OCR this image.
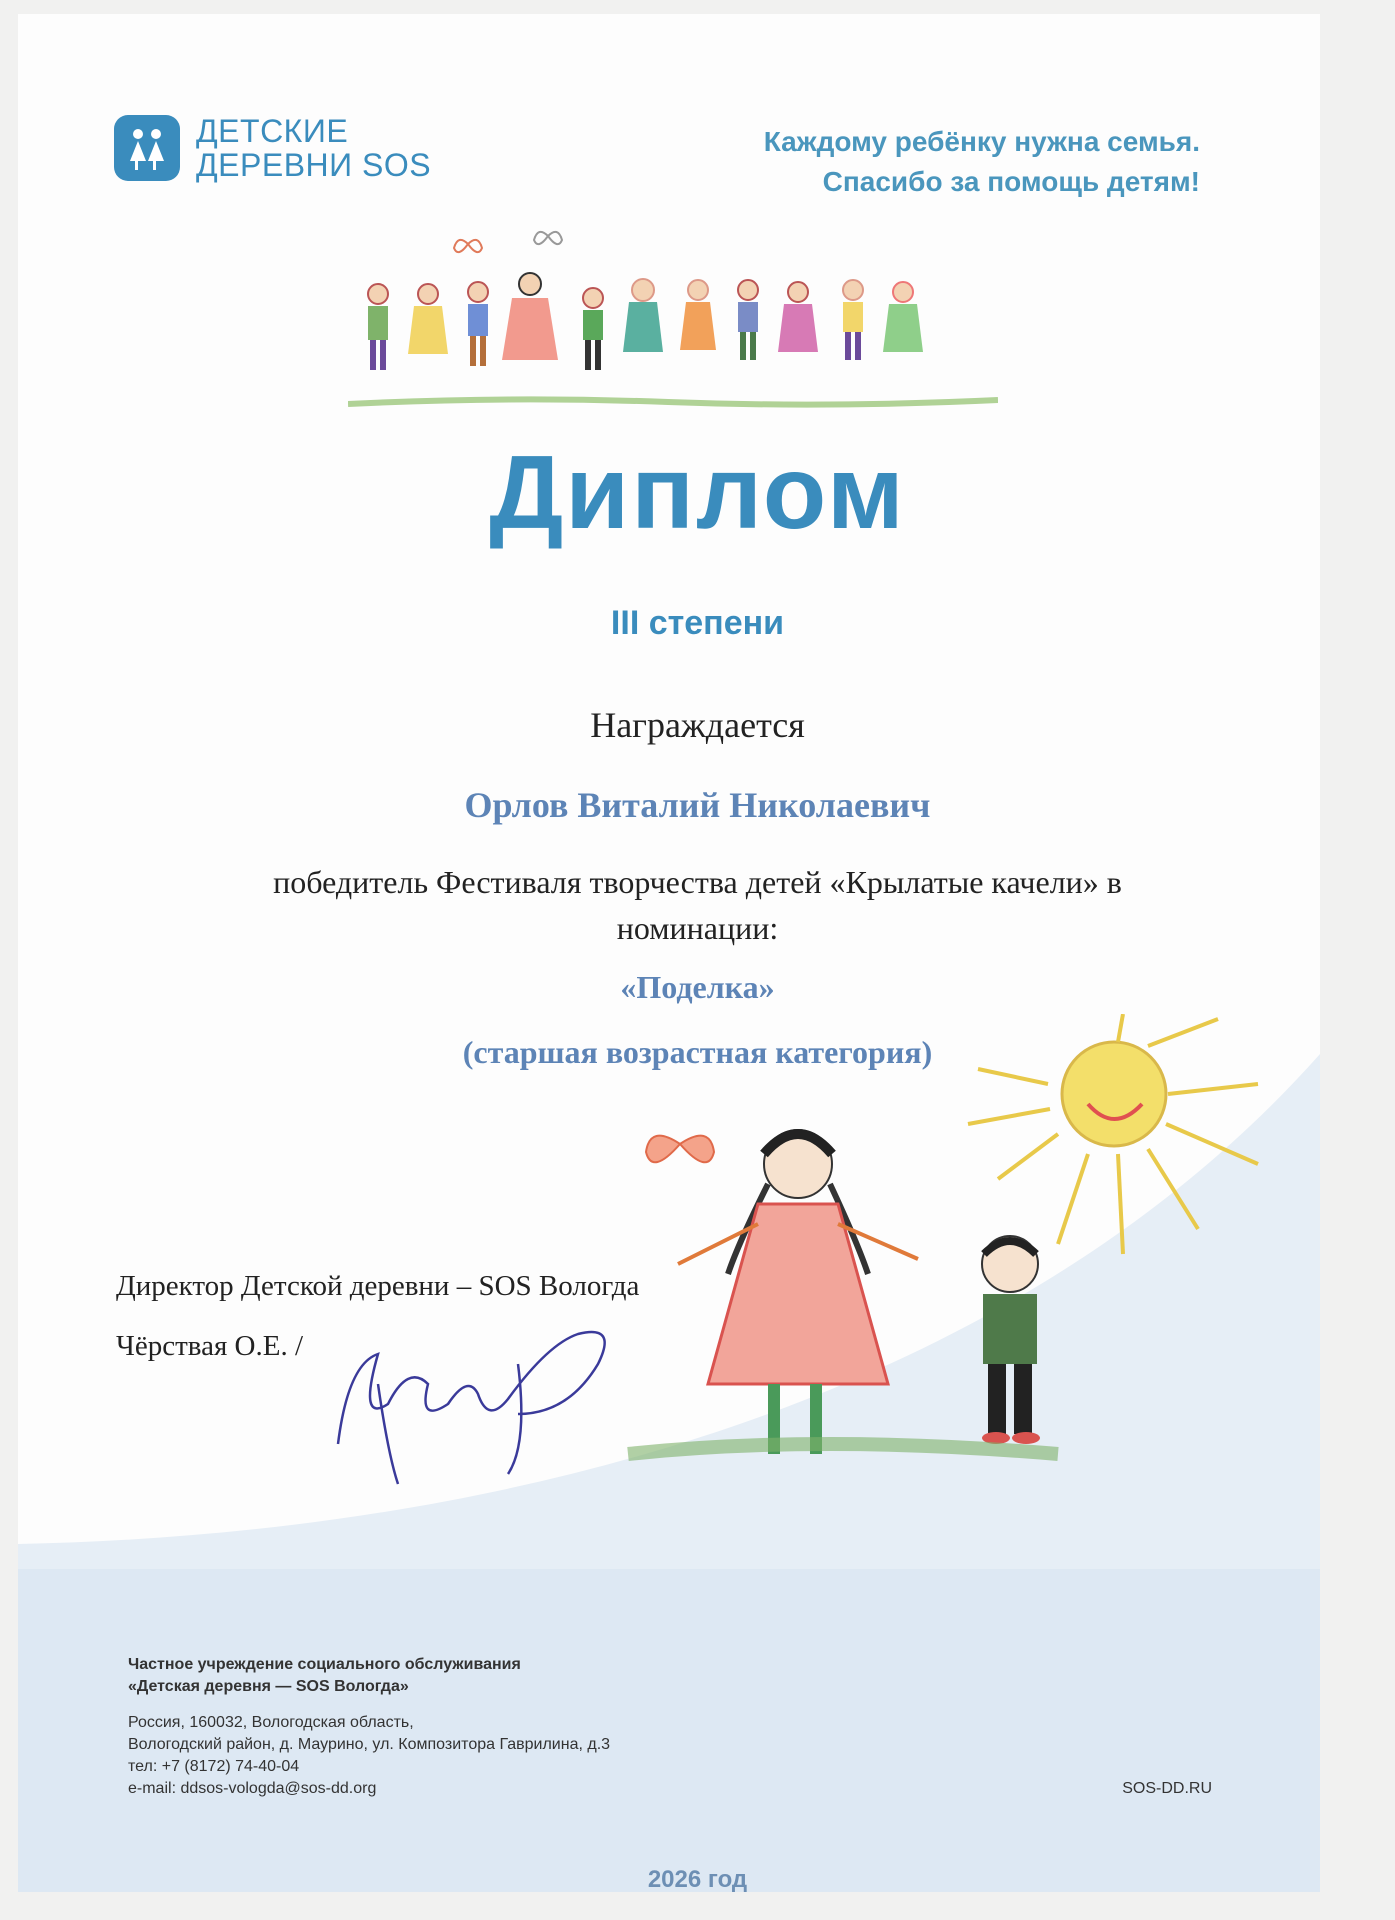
ДЕТСКИЕ
ДЕРЕВНИ SOS
Каждому ребёнку нужна семья.
Спасибо за помощь детям!
Диплом
III степени
Награждается
Орлов Виталий Николаевич
победитель Фестиваля творчества детей «Крылатые качели» в
номинации:
«Поделка»
(старшая возрастная категория)
Директор Детской деревни – SOS Вологда
Чёрствая О.Е. /
Частное учреждение социального обслуживания
«Детская деревня — SOS Вологда»
Россия, 160032, Вологодская область,
Вологодский район, д. Маурино, ул. Композитора Гаврилина, д.3
тел: +7 (8172) 74-40-04
e-mail: ddsos-vologda@sos-dd.org	SOS-DD.RU
2026 год
